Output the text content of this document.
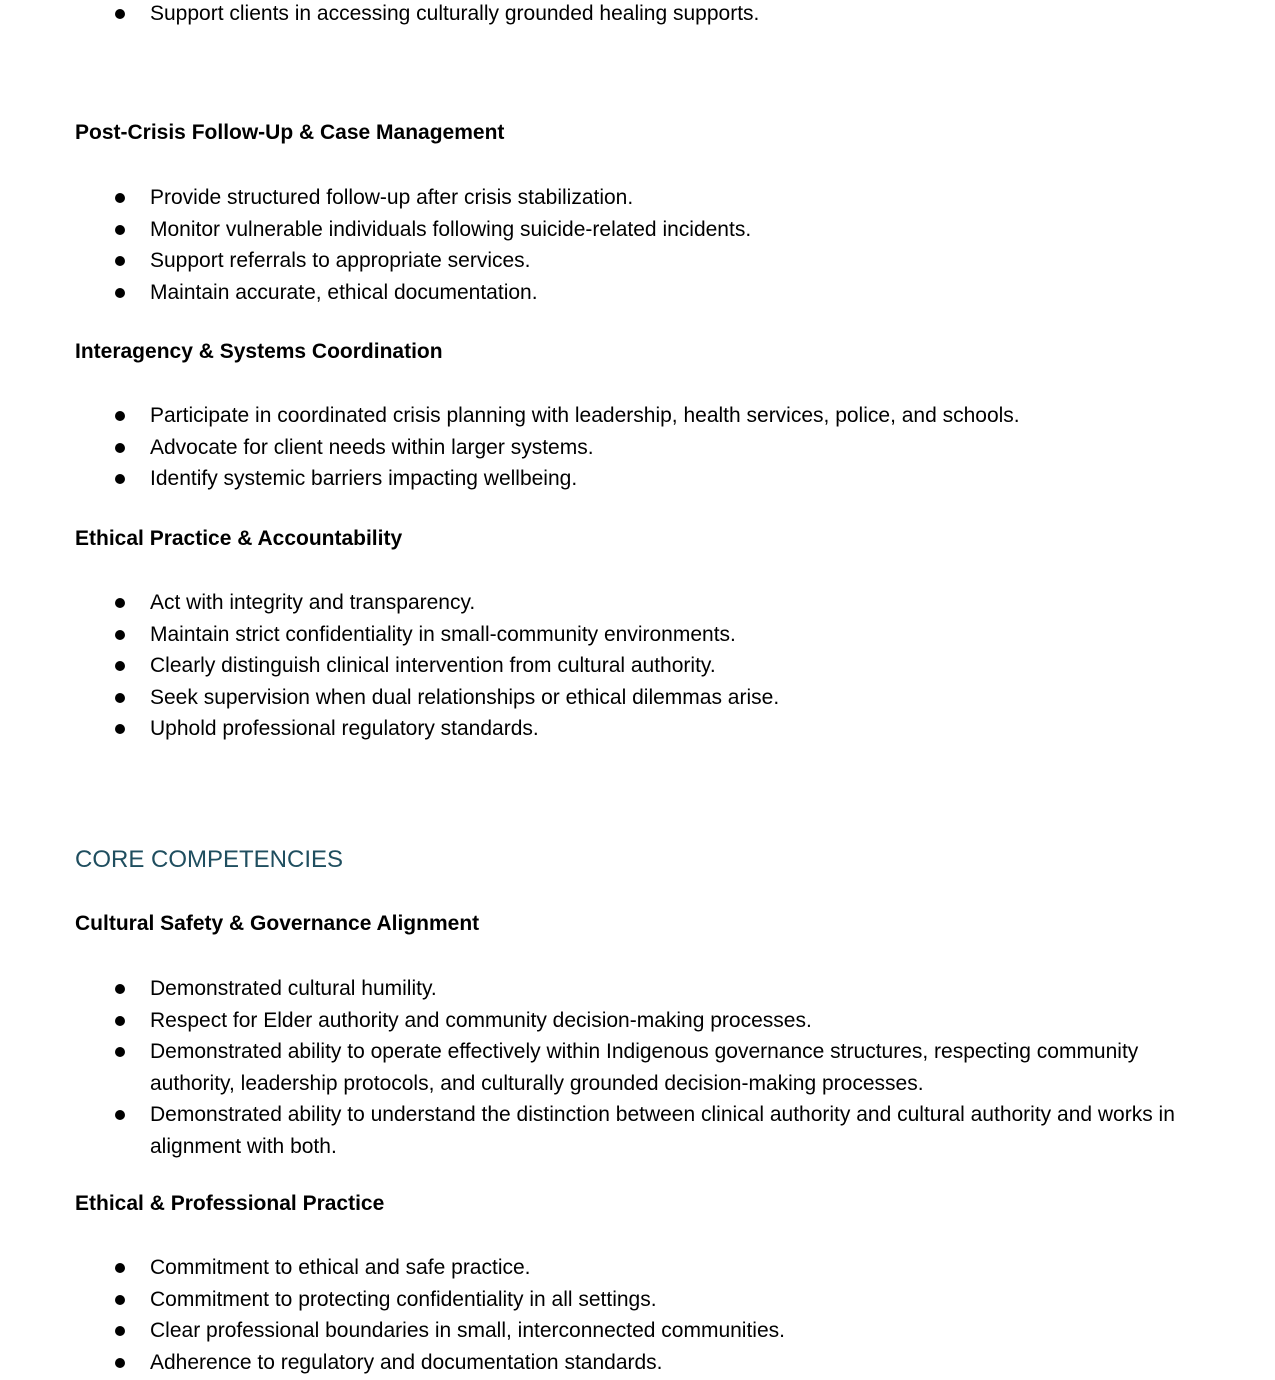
Support clients in accessing culturally grounded healing supports.
Post-Crisis Follow-Up & Case Management
Provide structured follow-up after crisis stabilization.
Monitor vulnerable individuals following suicide-related incidents.
Support referrals to appropriate services.
Maintain accurate, ethical documentation.
Interagency & Systems Coordination
Participate in coordinated crisis planning with leadership, health services, police, and schools.
Advocate for client needs within larger systems.
Identify systemic barriers impacting wellbeing.
Ethical Practice & Accountability
Act with integrity and transparency.
Maintain strict confidentiality in small-community environments.
Clearly distinguish clinical intervention from cultural authority.
Seek supervision when dual relationships or ethical dilemmas arise.
Uphold professional regulatory standards.
CORE COMPETENCIES
Cultural Safety & Governance Alignment
Demonstrated cultural humility.
Respect for Elder authority and community decision-making processes.
Demonstrated ability to operate effectively within Indigenous governance structures, respecting community authority, leadership protocols, and culturally grounded decision-making processes.
Demonstrated ability to understand the distinction between clinical authority and cultural authority and works in alignment with both.
Ethical & Professional Practice
Commitment to ethical and safe practice.
Commitment to protecting confidentiality in all settings.
Clear professional boundaries in small, interconnected communities.
Adherence to regulatory and documentation standards.
